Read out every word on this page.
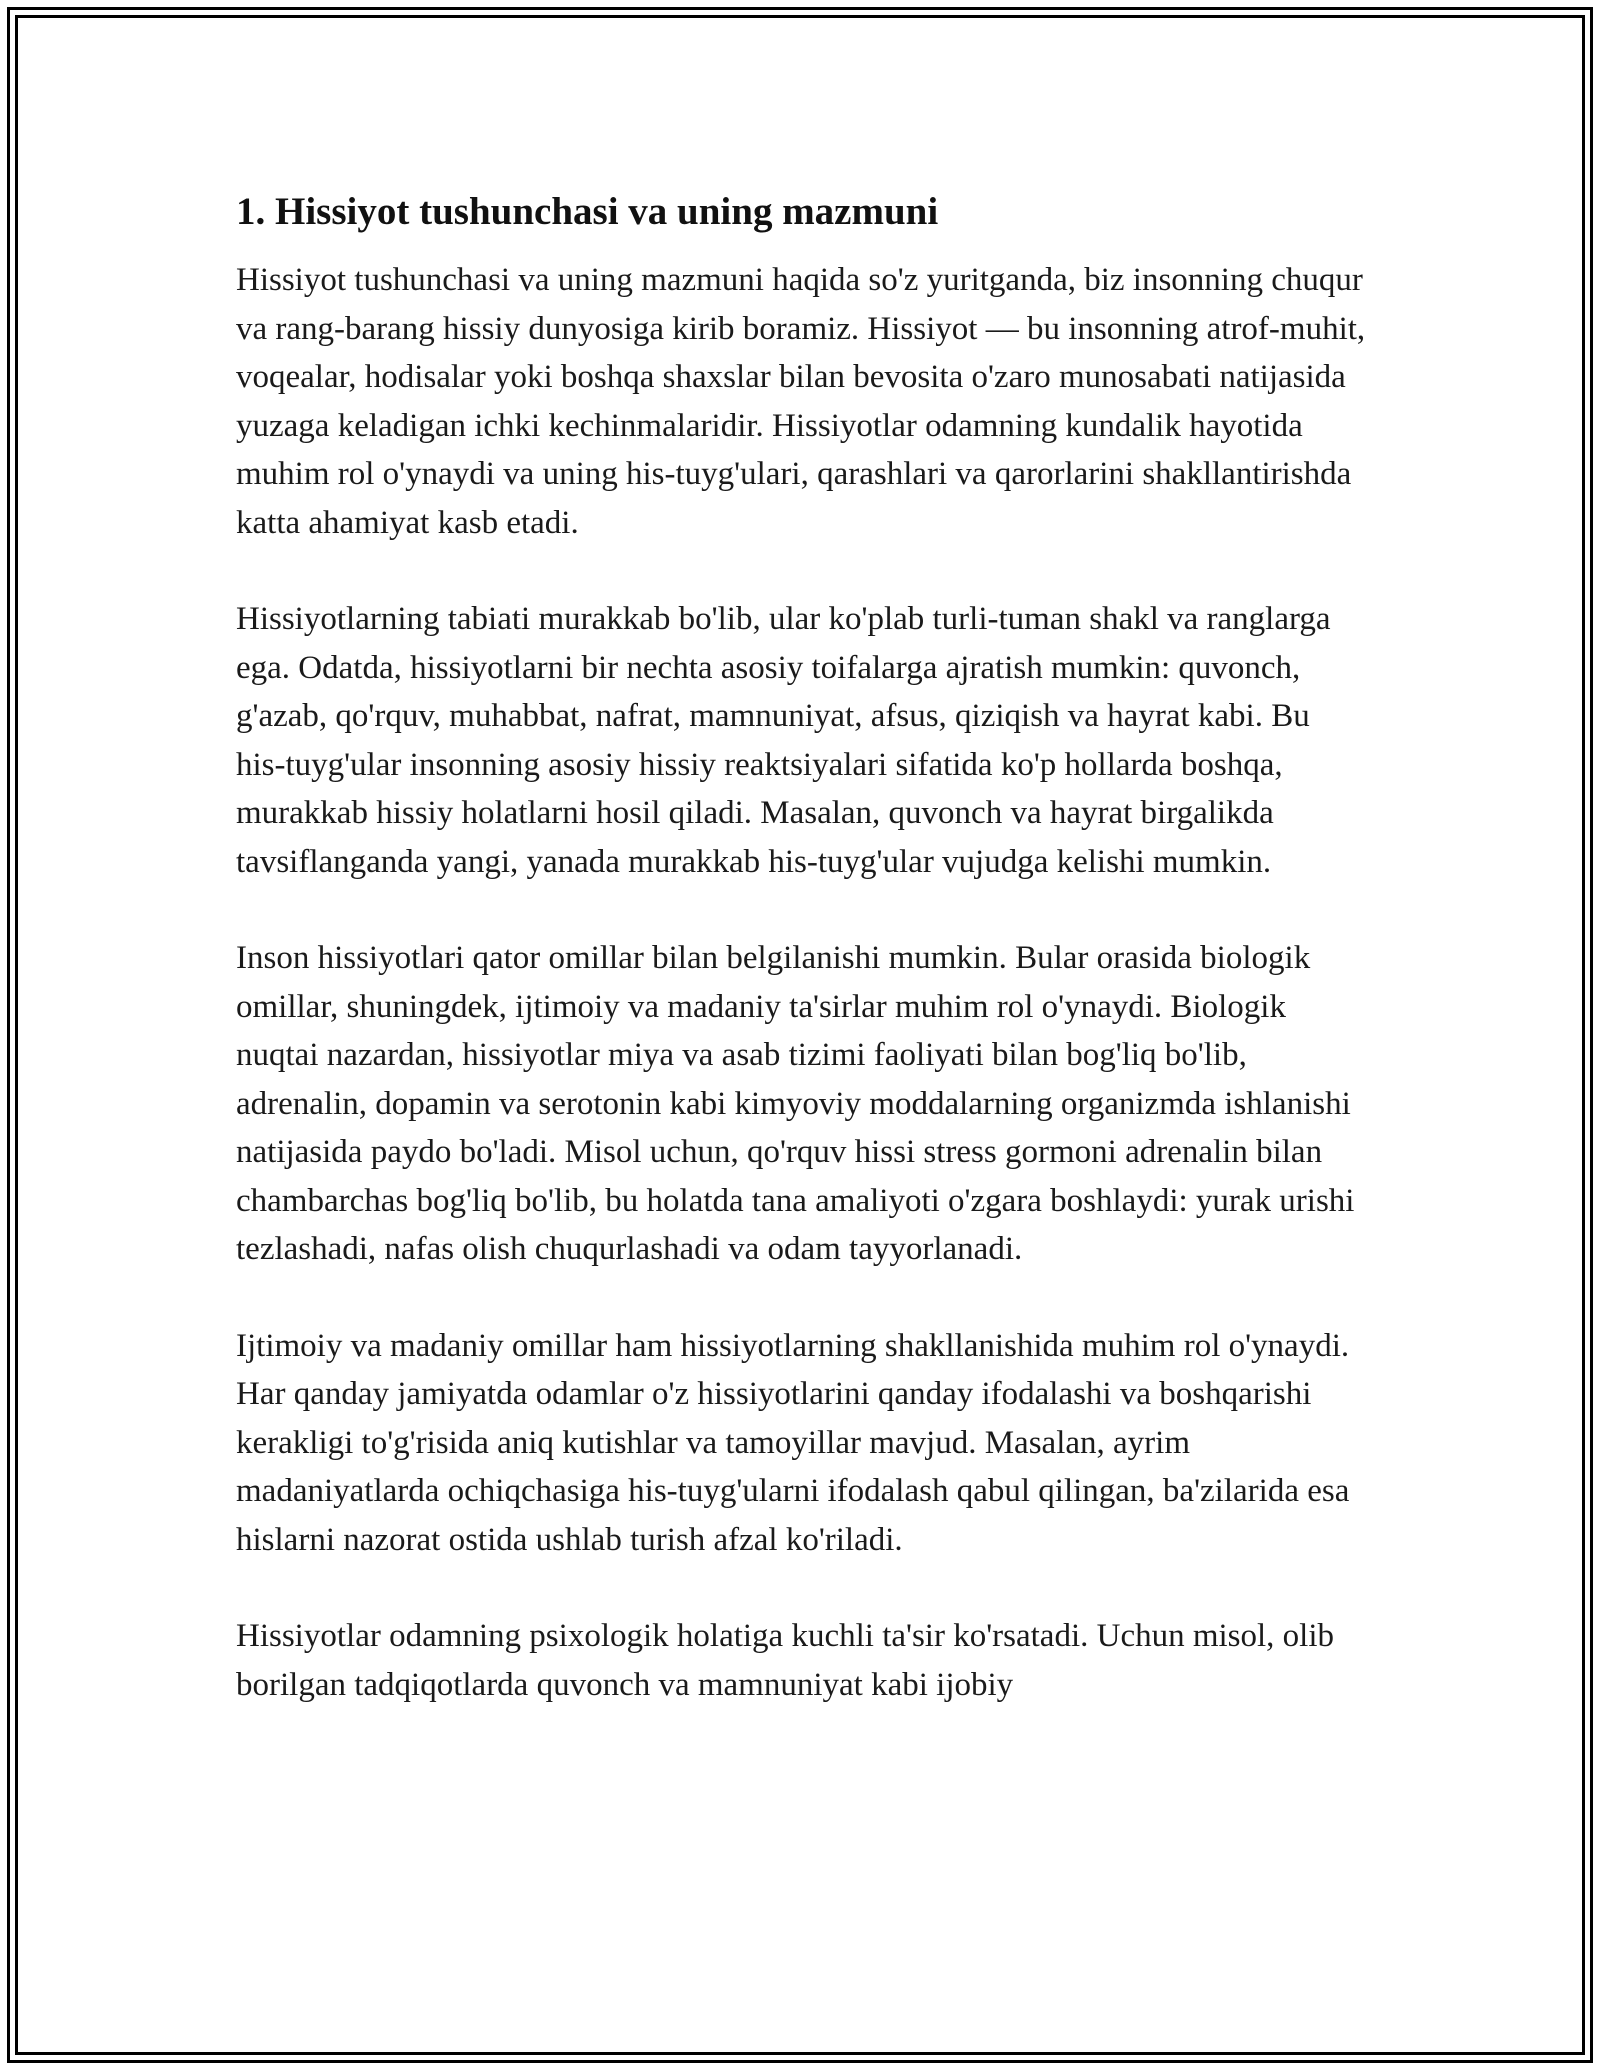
1. Hissiyot tushunchasi va uning mazmuni

Hissiyot tushunchasi va uning mazmuni haqida so'z yuritganda, biz insonning chuqur va rang-barang hissiy dunyosiga kirib boramiz. Hissiyot — bu insonning atrof-muhit, voqealar, hodisalar yoki boshqa shaxslar bilan bevosita o'zaro munosabati natijasida yuzaga keladigan ichki kechinmalaridir. Hissiyotlar odamning kundalik hayotida muhim rol o'ynaydi va uning his-tuyg'ulari, qarashlari va qarorlarini shakllantirishda katta ahamiyat kasb etadi.

Hissiyotlarning tabiati murakkab bo'lib, ular ko'plab turli-tuman shakl va ranglarga ega. Odatda, hissiyotlarni bir nechta asosiy toifalarga ajratish mumkin: quvonch, g'azab, qo'rquv, muhabbat, nafrat, mamnuniyat, afsus, qiziqish va hayrat kabi. Bu his-tuyg'ular insonning asosiy hissiy reaktsiyalari sifatida ko'p hollarda boshqa, murakkab hissiy holatlarni hosil qiladi. Masalan, quvonch va hayrat birgalikda tavsiflanganda yangi, yanada murakkab his-tuyg'ular vujudga kelishi mumkin.

Inson hissiyotlari qator omillar bilan belgilanishi mumkin. Bular orasida biologik omillar, shuningdek, ijtimoiy va madaniy ta'sirlar muhim rol o'ynaydi. Biologik nuqtai nazardan, hissiyotlar miya va asab tizimi faoliyati bilan bog'liq bo'lib, adrenalin, dopamin va serotonin kabi kimyoviy moddalarning organizmda ishlanishi natijasida paydo bo'ladi. Misol uchun, qo'rquv hissi stress gormoni adrenalin bilan chambarchas bog'liq bo'lib, bu holatda tana amaliyoti o'zgara boshlaydi: yurak urishi tezlashadi, nafas olish chuqurlashadi va odam tayyorlanadi.

Ijtimoiy va madaniy omillar ham hissiyotlarning shakllanishida muhim rol o'ynaydi. Har qanday jamiyatda odamlar o'z hissiyotlarini qanday ifodalashi va boshqarishi kerakligi to'g'risida aniq kutishlar va tamoyillar mavjud. Masalan, ayrim madaniyatlarda ochiqchasiga his-tuyg'ularni ifodalash qabul qilingan, ba'zilarida esa hislarni nazorat ostida ushlab turish afzal ko'riladi.

Hissiyotlar odamning psixologik holatiga kuchli ta'sir ko'rsatadi. Uchun misol, olib borilgan tadqiqotlarda quvonch va mamnuniyat kabi ijobiy
